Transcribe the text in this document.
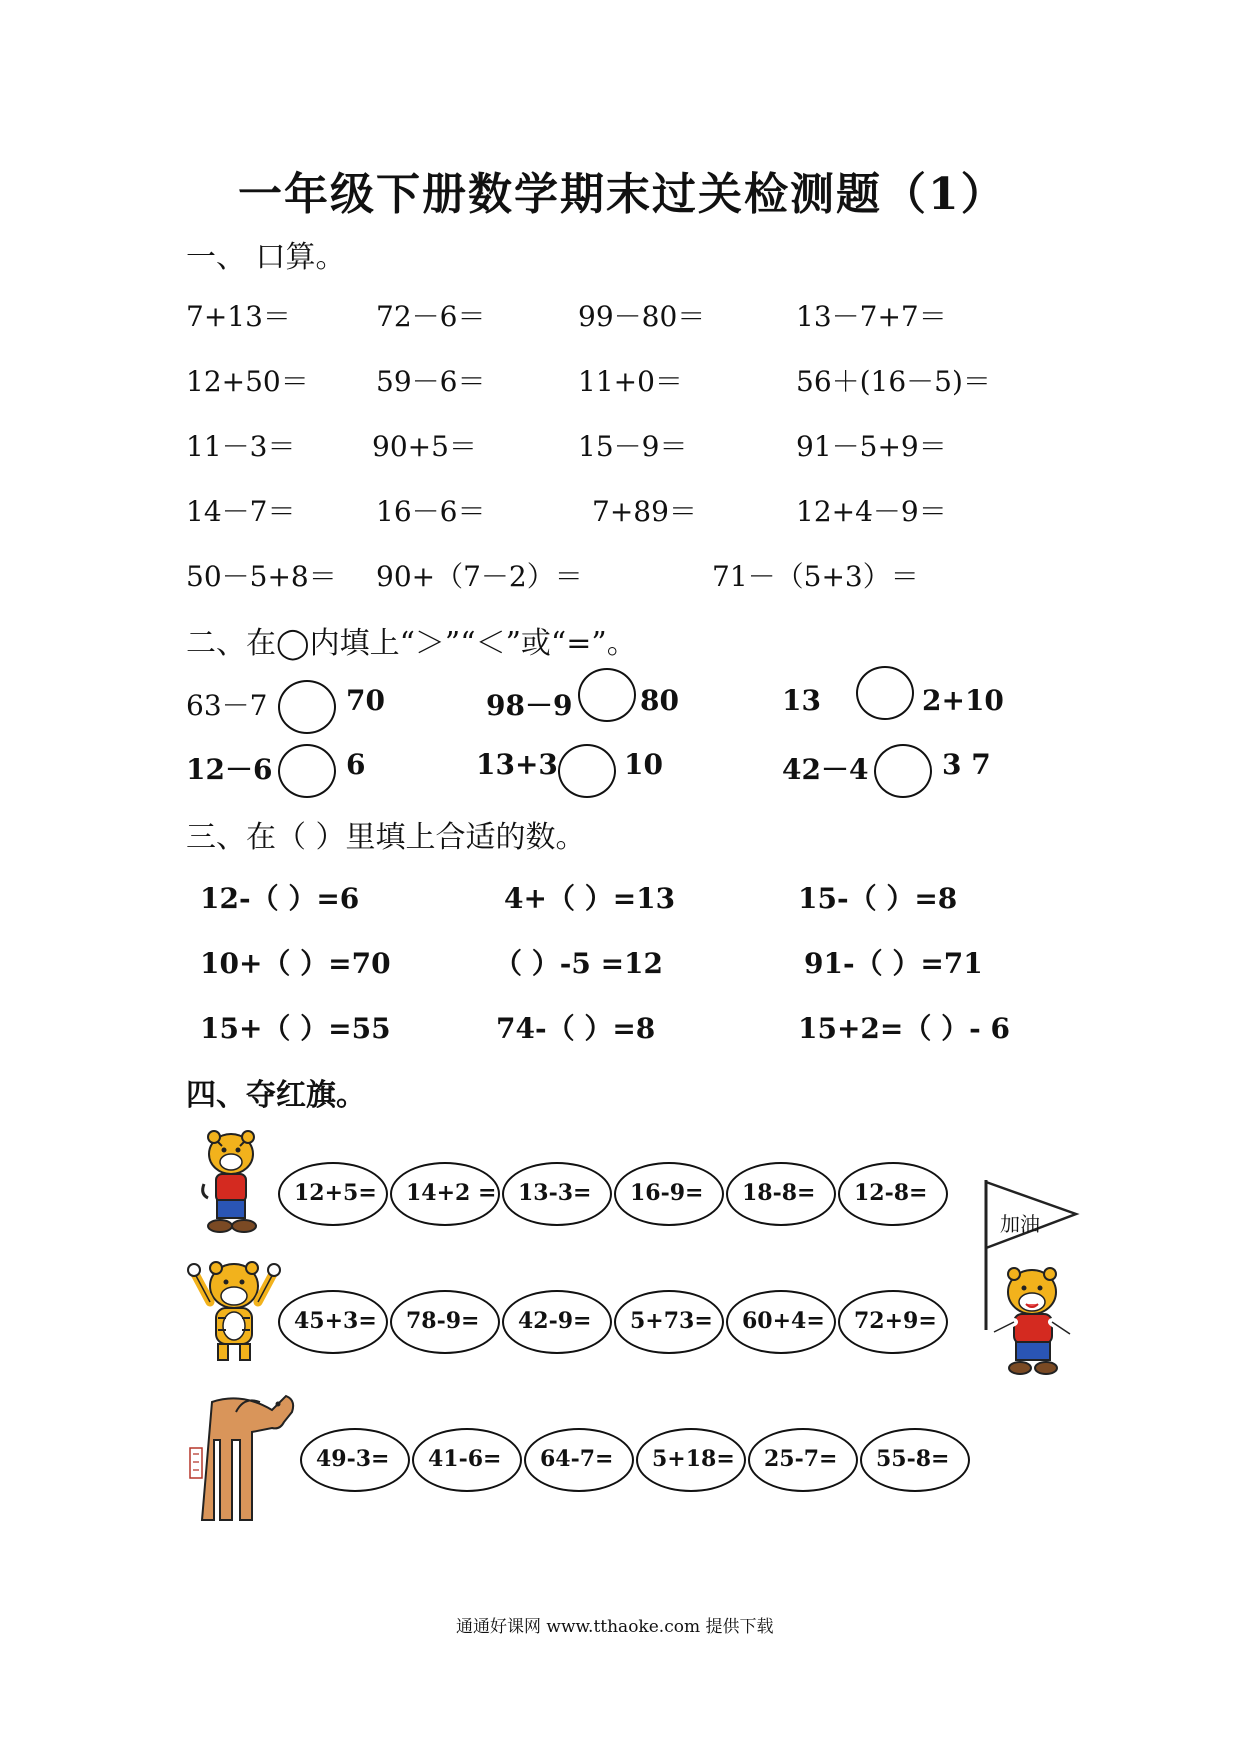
一年级下册数学期末过关检测题（1）
一、 口算。
7+13＝	72－6＝	99－80＝	13－7+7＝
12+50＝ 59－6＝	11+0＝	56＋(16－5)＝
11－3＝	90+5＝	15－9＝	91－5+9＝
14－7＝	16－6＝	7+89＝	12+4－9＝
50－5+8＝ 90+（7－2）＝	71－（5+3）＝
二、在◯内填上“＞”“＜”或“=”。
63－7	70	98－9 80	13	2+10
12－6	6	13+3 10	42－4	3 7
三、在（ ）里填上合适的数。
12-（ ）=6	4+（ ）=13	15-（ ）=8
10+（ ）=70	（ ）-5 =12	91-（ ）=71
15+（ ）=55	74-（ ）=8	15+2=（ ）- 6
四、夺红旗。
12+5= 14+2 = 13-3= 16-9= 18-8= 12-8=
45+3= 78-9= 42-9= 5+73= 60+4= 72+9=
49-3= 41-6= 64-7= 5+18= 25-7= 55-8=
加油
通通好课网 www.tthaoke.com 提供下载
